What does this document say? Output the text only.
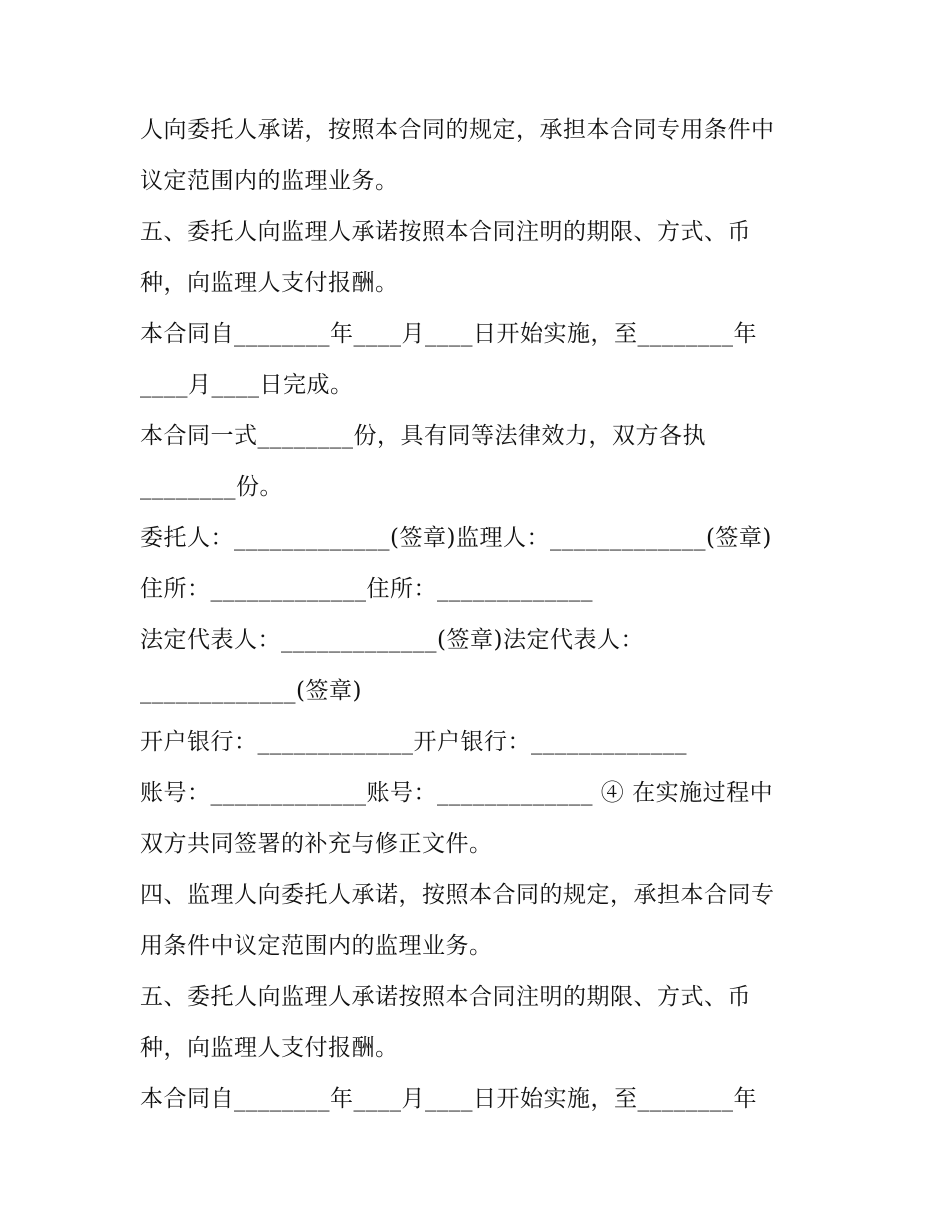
人向委托人承诺，按照本合同的规定，承担本合同专用条件中
议定范围内的监理业务。
五、委托人向监理人承诺按照本合同注明的期限、方式、币
种，向监理人支付报酬。
本合同自________年____月____日开始实施，至________年
____月____日完成。
本合同一式________份，具有同等法律效力，双方各执
________份。
委托人：_____________(签章)监理人：_____________(签章)
住所：_____________住所：_____________
法定代表人：_____________(签章)法定代表人：
_____________(签章)
开户银行：_____________开户银行：_____________
账号：_____________账号：_____________ ④ 在实施过程中
双方共同签署的补充与修正文件。
四、监理人向委托人承诺，按照本合同的规定，承担本合同专
用条件中议定范围内的监理业务。
五、委托人向监理人承诺按照本合同注明的期限、方式、币
种，向监理人支付报酬。
本合同自________年____月____日开始实施，至________年
